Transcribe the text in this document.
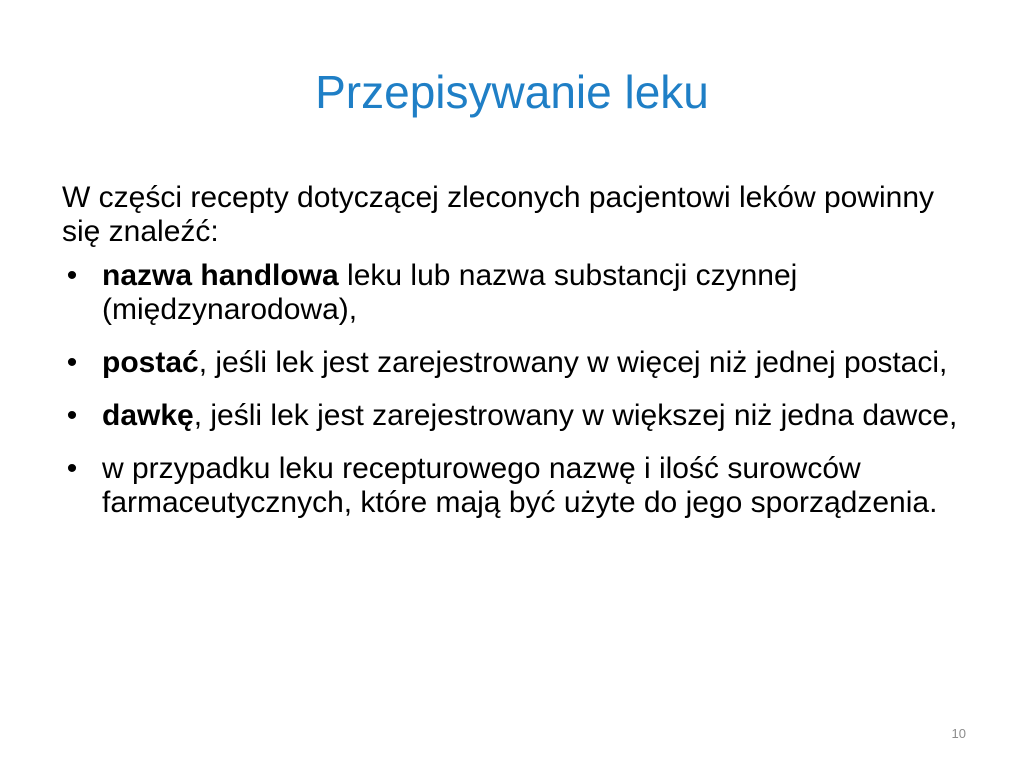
Przepisywanie leku

W części recepty dotyczącej zleconych pacjentowi leków powinny się znaleźć:

• nazwa handlowa leku lub nazwa substancji czynnej (międzynarodowa),
• postać, jeśli lek jest zarejestrowany w więcej niż jednej postaci,
• dawkę, jeśli lek jest zarejestrowany w większej niż jedna dawce,
• w przypadku leku recepturowego nazwę i ilość surowców farmaceutycznych, które mają być użyte do jego sporządzenia.
10
